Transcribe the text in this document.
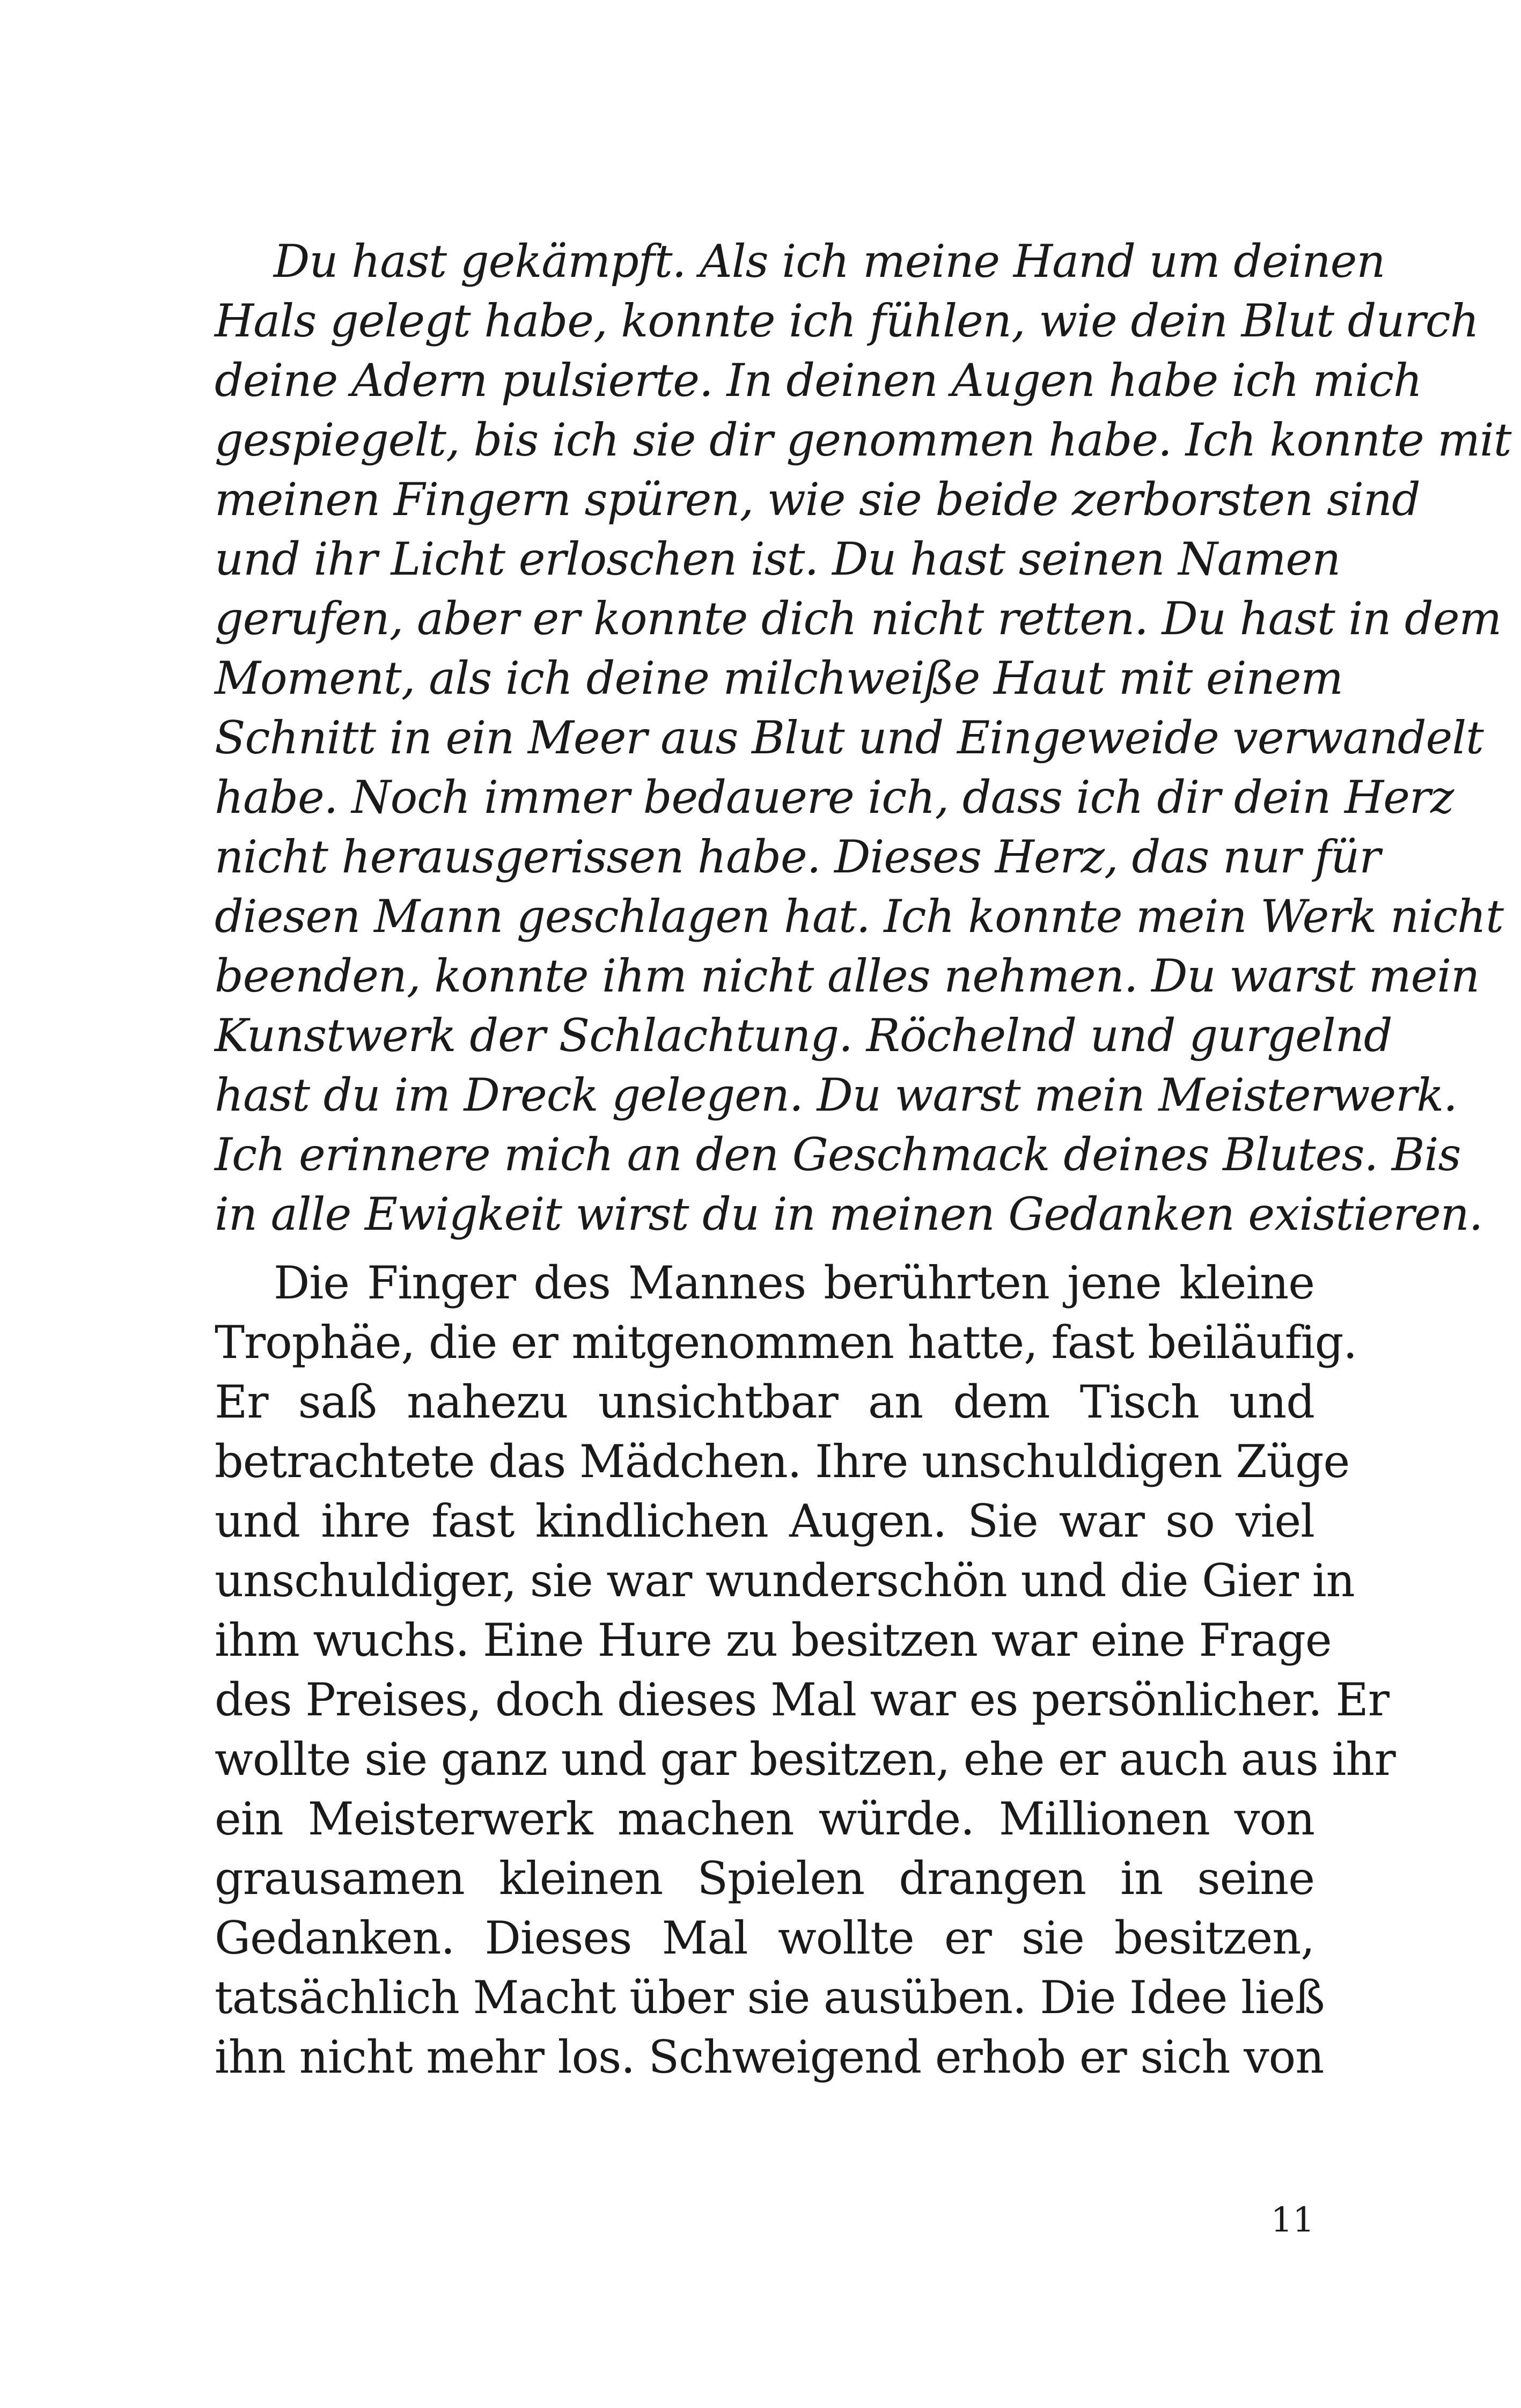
Du hast gekämpft. Als ich meine Hand um deinen
Hals gelegt habe, konnte ich fühlen, wie dein Blut durch
deine Adern pulsierte. In deinen Augen habe ich mich
gespiegelt, bis ich sie dir genommen habe. Ich konnte mit
meinen Fingern spüren, wie sie beide zerborsten sind
und ihr Licht erloschen ist. Du hast seinen Namen
gerufen, aber er konnte dich nicht retten. Du hast in dem
Moment, als ich deine milchweiße Haut mit einem
Schnitt in ein Meer aus Blut und Eingeweide verwandelt
habe. Noch immer bedauere ich, dass ich dir dein Herz
nicht herausgerissen habe. Dieses Herz, das nur für
diesen Mann geschlagen hat. Ich konnte mein Werk nicht
beenden, konnte ihm nicht alles nehmen. Du warst mein
Kunstwerk der Schlachtung. Röchelnd und gurgelnd
hast du im Dreck gelegen. Du warst mein Meisterwerk.
Ich erinnere mich an den Geschmack deines Blutes. Bis
in alle Ewigkeit wirst du in meinen Gedanken existieren.
Die Finger des Mannes berührten jene kleine
Trophäe, die er mitgenommen hatte, fast beiläufig.
Er saß nahezu unsichtbar an dem Tisch und
betrachtete das Mädchen. Ihre unschuldigen Züge
und ihre fast kindlichen Augen. Sie war so viel
unschuldiger, sie war wunderschön und die Gier in
ihm wuchs. Eine Hure zu besitzen war eine Frage
des Preises, doch dieses Mal war es persönlicher. Er
wollte sie ganz und gar besitzen, ehe er auch aus ihr
ein Meisterwerk machen würde. Millionen von
grausamen kleinen Spielen drangen in seine
Gedanken. Dieses Mal wollte er sie besitzen,
tatsächlich Macht über sie ausüben. Die Idee ließ
ihn nicht mehr los. Schweigend erhob er sich von
11
